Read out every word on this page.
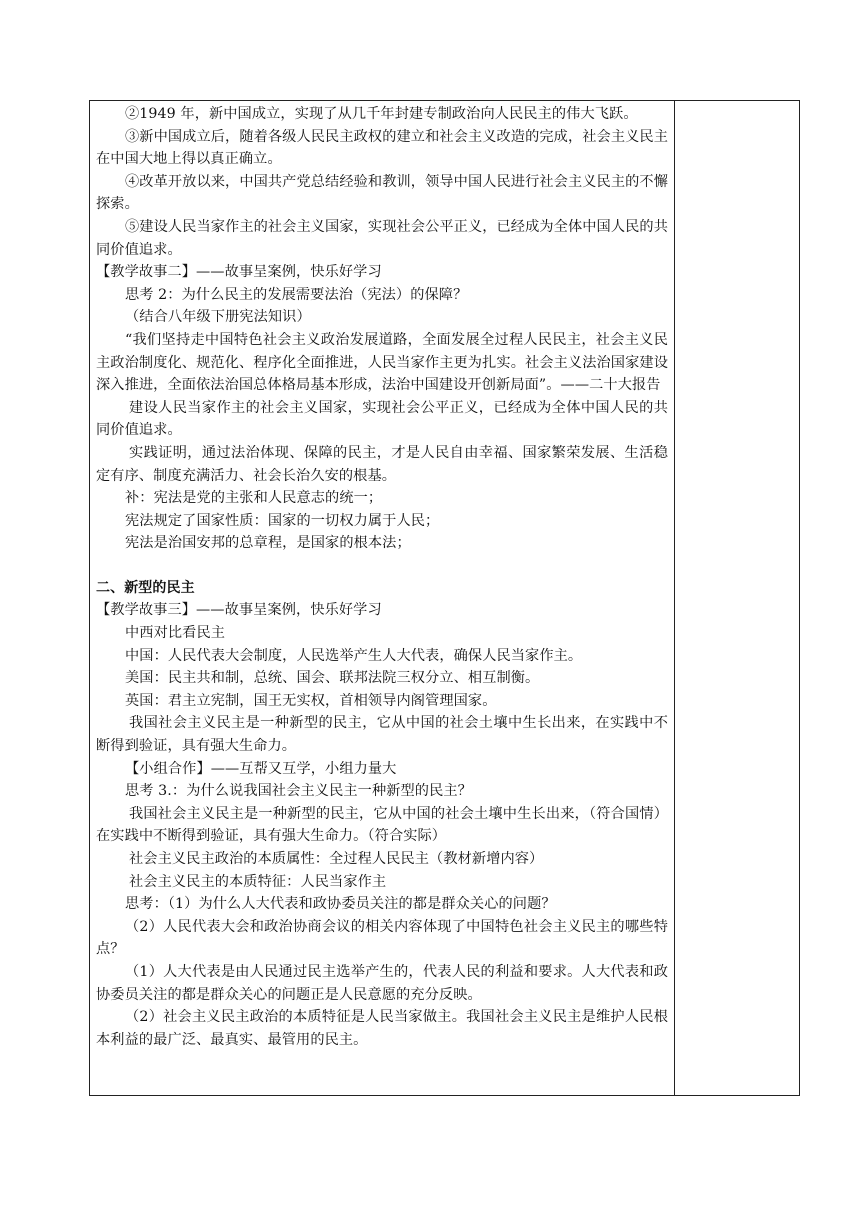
②1949 年，新中国成立，实现了从几千年封建专制政治向人民民主的伟大飞跃。

③新中国成立后，随着各级人民民主政权的建立和社会主义改造的完成，社会主义民主在中国大地上得以真正确立。

④改革开放以来，中国共产党总结经验和教训，领导中国人民进行社会主义民主的不懈探索。

⑤建设人民当家作主的社会主义国家，实现社会公平正义，已经成为全体中国人民的共同价值追求。

【教学故事二】——故事呈案例，快乐好学习

思考 2：为什么民主的发展需要法治（宪法）的保障？

（结合八年级下册宪法知识）

“我们坚持走中国特色社会主义政治发展道路，全面发展全过程人民民主，社会主义民主政治制度化、规范化、程序化全面推进，人民当家作主更为扎实。社会主义法治国家建设深入推进，全面依法治国总体格局基本形成，法治中国建设开创新局面”。——二十大报告

建设人民当家作主的社会主义国家，实现社会公平正义，已经成为全体中国人民的共同价值追求。

实践证明，通过法治体现、保障的民主，才是人民自由幸福、国家繁荣发展、生活稳定有序、制度充满活力、社会长治久安的根基。

补：宪法是党的主张和人民意志的统一；

宪法规定了国家性质：国家的一切权力属于人民；

宪法是治国安邦的总章程，是国家的根本法；

二、新型的民主

【教学故事三】——故事呈案例，快乐好学习

中西对比看民主

中国：人民代表大会制度，人民选举产生人大代表，确保人民当家作主。

美国：民主共和制，总统、国会、联邦法院三权分立、相互制衡。

英国：君主立宪制，国王无实权，首相领导内阁管理国家。

我国社会主义民主是一种新型的民主，它从中国的社会土壤中生长出来，在实践中不断得到验证，具有强大生命力。

【小组合作】——互帮又互学，小组力量大

思考 3.：为什么说我国社会主义民主一种新型的民主？

我国社会主义民主是一种新型的民主，它从中国的社会土壤中生长出来，（符合国情）在实践中不断得到验证，具有强大生命力。（符合实际）

社会主义民主政治的本质属性：全过程人民民主（教材新增内容）

社会主义民主的本质特征：人民当家作主

思考：（1）为什么人大代表和政协委员关注的都是群众关心的问题？

（2）人民代表大会和政治协商会议的相关内容体现了中国特色社会主义民主的哪些特点？

（1）人大代表是由人民通过民主选举产生的，代表人民的利益和要求。人大代表和政协委员关注的都是群众关心的问题正是人民意愿的充分反映。

（2）社会主义民主政治的本质特征是人民当家做主。我国社会主义民主是维护人民根本利益的最广泛、最真实、最管用的民主。
